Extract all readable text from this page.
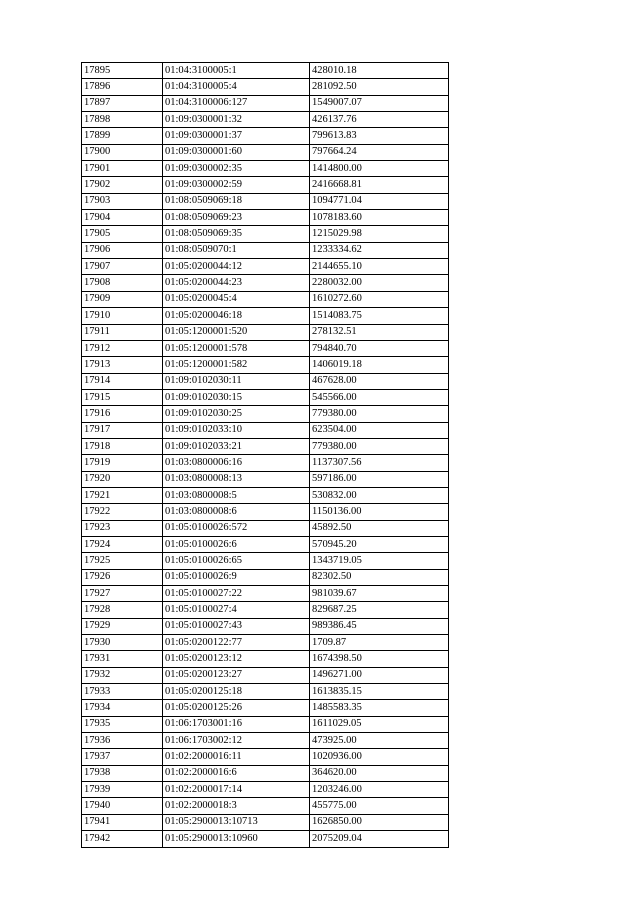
17895	01:04:3100005:1	428010.18
17896	01:04:3100005:4	281092.50
17897	01:04:3100006:127	1549007.07
17898	01:09:0300001:32	426137.76
17899	01:09:0300001:37	799613.83
17900	01:09:0300001:60	797664.24
17901	01:09:0300002:35	1414800.00
17902	01:09:0300002:59	2416668.81
17903	01:08:0509069:18	1094771.04
17904	01:08:0509069:23	1078183.60
17905	01:08:0509069:35	1215029.98
17906	01:08:0509070:1	1233334.62
17907	01:05:0200044:12	2144655.10
17908	01:05:0200044:23	2280032.00
17909	01:05:0200045:4	1610272.60
17910	01:05:0200046:18	1514083.75
17911	01:05:1200001:520	278132.51
17912	01:05:1200001:578	794840.70
17913	01:05:1200001:582	1406019.18
17914	01:09:0102030:11	467628.00
17915	01:09:0102030:15	545566.00
17916	01:09:0102030:25	779380.00
17917	01:09:0102033:10	623504.00
17918	01:09:0102033:21	779380.00
17919	01:03:0800006:16	1137307.56
17920	01:03:0800008:13	597186.00
17921	01:03:0800008:5	530832.00
17922	01:03:0800008:6	1150136.00
17923	01:05:0100026:572	45892.50
17924	01:05:0100026:6	570945.20
17925	01:05:0100026:65	1343719.05
17926	01:05:0100026:9	82302.50
17927	01:05:0100027:22	981039.67
17928	01:05:0100027:4	829687.25
17929	01:05:0100027:43	989386.45
17930	01:05:0200122:77	1709.87
17931	01:05:0200123:12	1674398.50
17932	01:05:0200123:27	1496271.00
17933	01:05:0200125:18	1613835.15
17934	01:05:0200125:26	1485583.35
17935	01:06:1703001:16	1611029.05
17936	01:06:1703002:12	473925.00
17937	01:02:2000016:11	1020936.00
17938	01:02:2000016:6	364620.00
17939	01:02:2000017:14	1203246.00
17940	01:02:2000018:3	455775.00
17941	01:05:2900013:10713	1626850.00
17942	01:05:2900013:10960	2075209.04
